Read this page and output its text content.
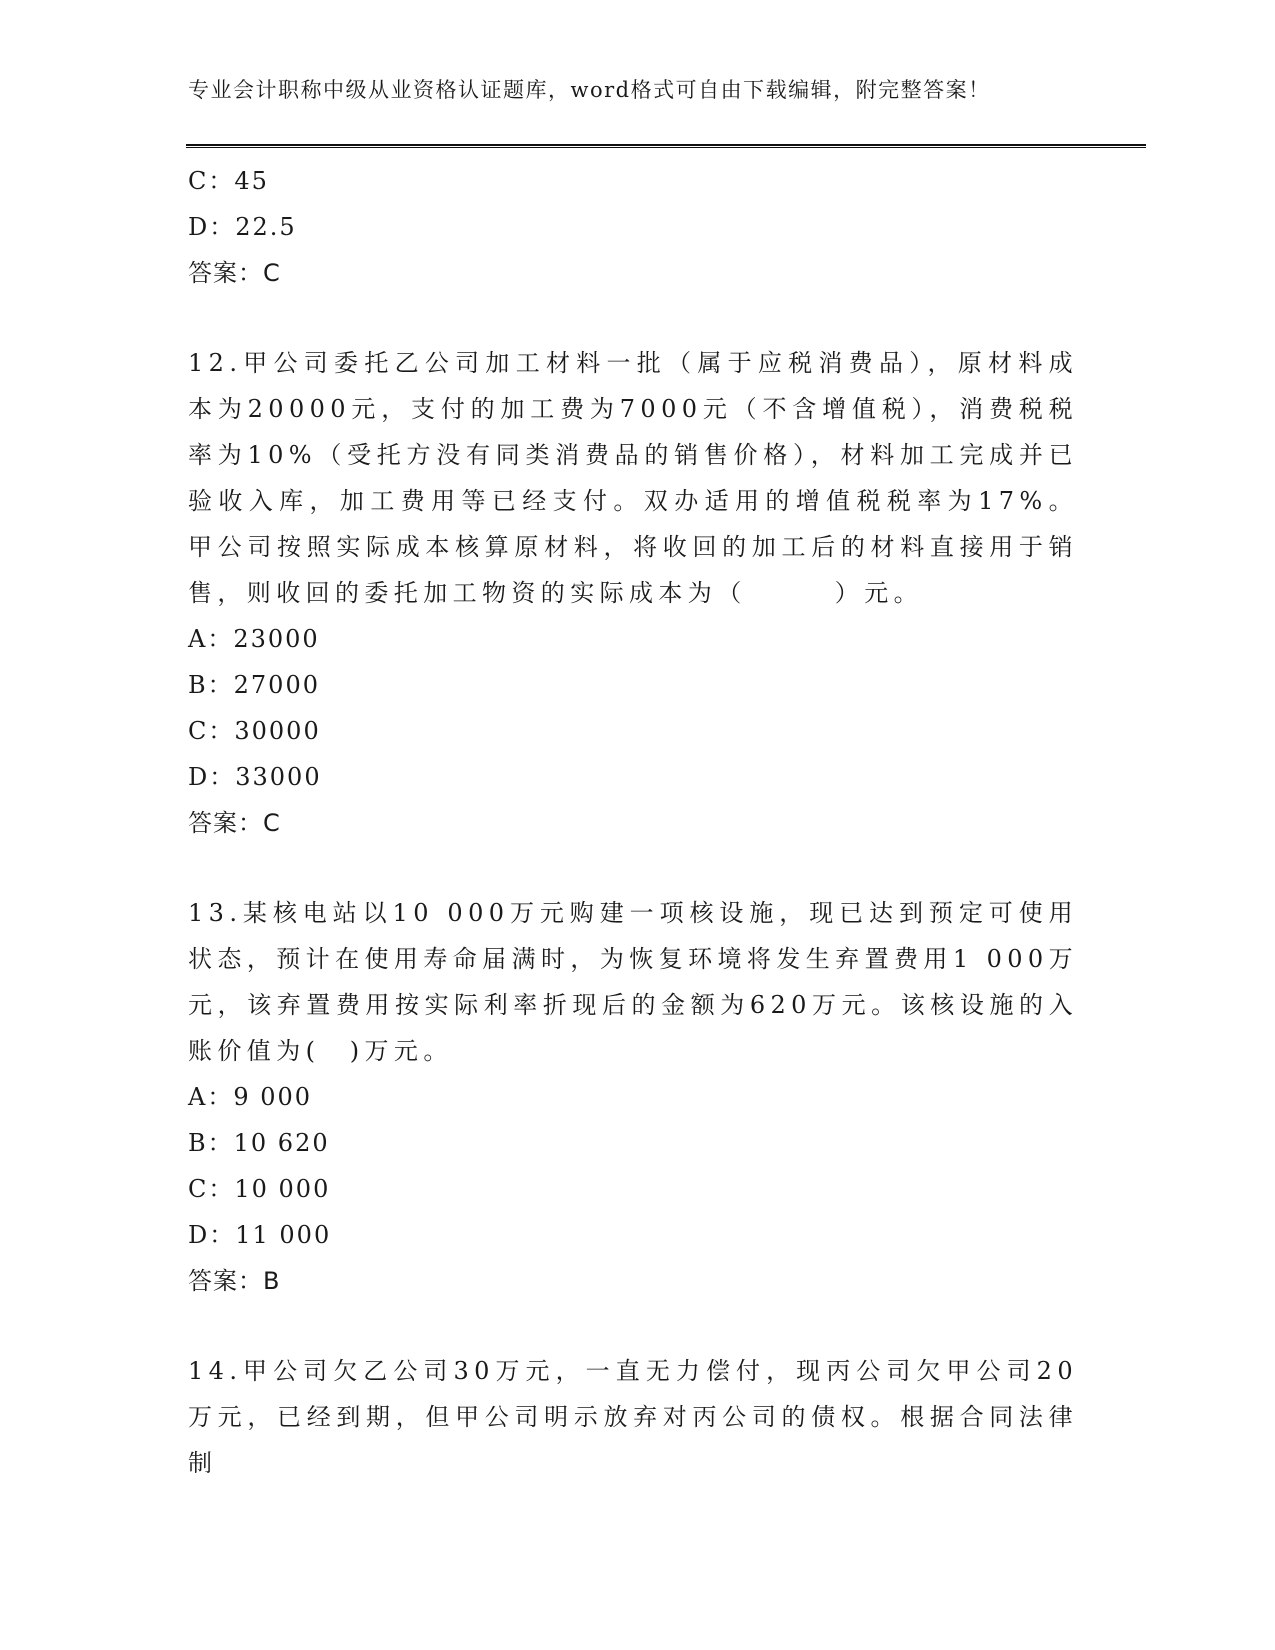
专业会计职称中级从业资格认证题库，word格式可自由下载编辑，附完整答案！
C：45
D：22.5
答案：C
12.甲公司委托乙公司加工材料一批（属于应税消费品），原材料成本为20000元，支付的加工费为7000元（不含增值税），消费税税率为10%（受托方没有同类消费品的销售价格），材料加工完成并已验收入库，加工费用等已经支付。双办适用的增值税税率为17%。甲公司按照实际成本核算原材料，将收回的加工后的材料直接用于销售，则收回的委托加工物资的实际成本为（　　　）元。
A：23000
B：27000
C：30000
D：33000
答案：C
13.某核电站以10 000万元购建一项核设施，现已达到预定可使用状态，预计在使用寿命届满时，为恢复环境将发生弃置费用1 000万元，该弃置费用按实际利率折现后的金额为620万元。该核设施的入账价值为(　)万元。
A：9 000
B：10 620
C：10 000
D：11 000
答案：B
14.甲公司欠乙公司30万元，一直无力偿付，现丙公司欠甲公司20万元，已经到期，但甲公司明示放弃对丙公司的债权。根据合同法律制
